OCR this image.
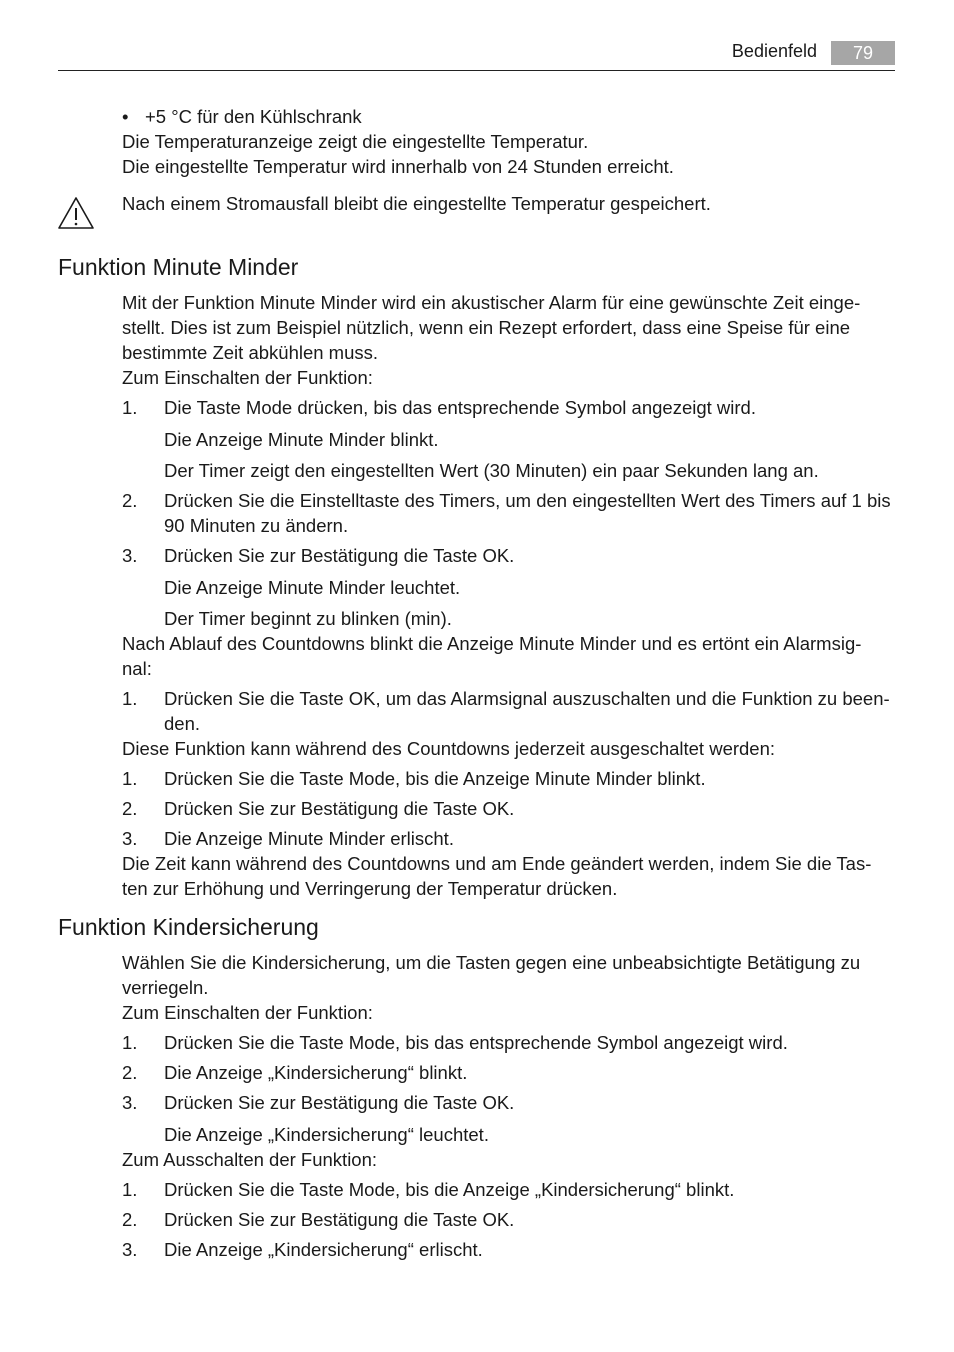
Bedienfeld	79
• +5 °C für den Kühlschrank
Die Temperaturanzeige zeigt die eingestellte Temperatur.
Die eingestellte Temperatur wird innerhalb von 24 Stunden erreicht.
Nach einem Stromausfall bleibt die eingestellte Temperatur gespeichert.
Funktion Minute Minder
Mit der Funktion Minute Minder wird ein akustischer Alarm für eine gewünschte Zeit einge-
stellt. Dies ist zum Beispiel nützlich, wenn ein Rezept erfordert, dass eine Speise für eine
bestimmte Zeit abkühlen muss.
Zum Einschalten der Funktion:
1. Die Taste Mode drücken, bis das entsprechende Symbol angezeigt wird.
Die Anzeige Minute Minder blinkt.
Der Timer zeigt den eingestellten Wert (30 Minuten) ein paar Sekunden lang an.
2. Drücken Sie die Einstelltaste des Timers, um den eingestellten Wert des Timers auf 1 bis
90 Minuten zu ändern.
3. Drücken Sie zur Bestätigung die Taste OK.
Die Anzeige Minute Minder leuchtet.
Der Timer beginnt zu blinken (min).
Nach Ablauf des Countdowns blinkt die Anzeige Minute Minder und es ertönt ein Alarmsig-
nal:
1. Drücken Sie die Taste OK, um das Alarmsignal auszuschalten und die Funktion zu been-
den.
Diese Funktion kann während des Countdowns jederzeit ausgeschaltet werden:
1. Drücken Sie die Taste Mode, bis die Anzeige Minute Minder blinkt.
2. Drücken Sie zur Bestätigung die Taste OK.
3. Die Anzeige Minute Minder erlischt.
Die Zeit kann während des Countdowns und am Ende geändert werden, indem Sie die Tas-
ten zur Erhöhung und Verringerung der Temperatur drücken.
Funktion Kindersicherung
Wählen Sie die Kindersicherung, um die Tasten gegen eine unbeabsichtigte Betätigung zu
verriegeln.
Zum Einschalten der Funktion:
1. Drücken Sie die Taste Mode, bis das entsprechende Symbol angezeigt wird.
2. Die Anzeige „Kindersicherung“ blinkt.
3. Drücken Sie zur Bestätigung die Taste OK.
Die Anzeige „Kindersicherung“ leuchtet.
Zum Ausschalten der Funktion:
1. Drücken Sie die Taste Mode, bis die Anzeige „Kindersicherung“ blinkt.
2. Drücken Sie zur Bestätigung die Taste OK.
3. Die Anzeige „Kindersicherung“ erlischt.
